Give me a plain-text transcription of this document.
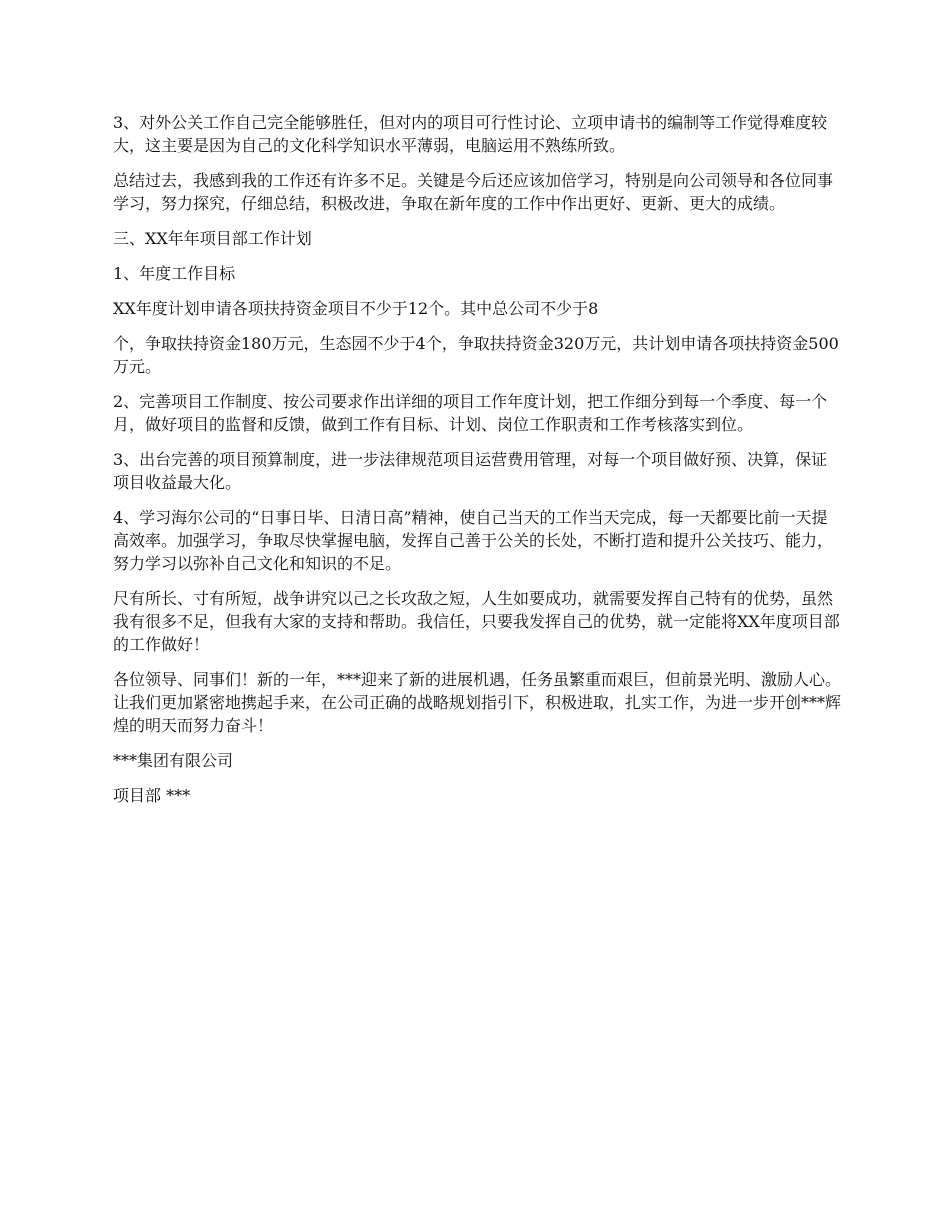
3、对外公关工作自己完全能够胜任，但对内的项目可行性讨论、立项申请书的编制等工作觉得难度较大，这主要是因为自己的文化科学知识水平薄弱，电脑运用不熟练所致。

总结过去，我感到我的工作还有许多不足。关键是今后还应该加倍学习，特别是向公司领导和各位同事学习，努力探究，仔细总结，积极改进，争取在新年度的工作中作出更好、更新、更大的成绩。

三、XX年年项目部工作计划

1、年度工作目标

XX年度计划申请各项扶持资金项目不少于12个。其中总公司不少于8

个，争取扶持资金180万元，生态园不少于4个，争取扶持资金320万元，共计划申请各项扶持资金500万元。

2、完善项目工作制度、按公司要求作出详细的项目工作年度计划，把工作细分到每一个季度、每一个月，做好项目的监督和反馈，做到工作有目标、计划、岗位工作职责和工作考核落实到位。

3、出台完善的项目预算制度，进一步法律规范项目运营费用管理，对每一个项目做好预、决算，保证项目收益最大化。

4、学习海尔公司的“日事日毕、日清日高”精神，使自己当天的工作当天完成，每一天都要比前一天提高效率。加强学习，争取尽快掌握电脑，发挥自己善于公关的长处，不断打造和提升公关技巧、能力，努力学习以弥补自己文化和知识的不足。

尺有所长、寸有所短，战争讲究以己之长攻敌之短，人生如要成功，就需要发挥自己特有的优势，虽然我有很多不足，但我有大家的支持和帮助。我信任，只要我发挥自己的优势，就一定能将XX年度项目部的工作做好！

各位领导、同事们！新的一年，***迎来了新的进展机遇，任务虽繁重而艰巨，但前景光明、激励人心。让我们更加紧密地携起手来，在公司正确的战略规划指引下，积极进取，扎实工作，为进一步开创***辉煌的明天而努力奋斗！

***集团有限公司

项目部 ***
